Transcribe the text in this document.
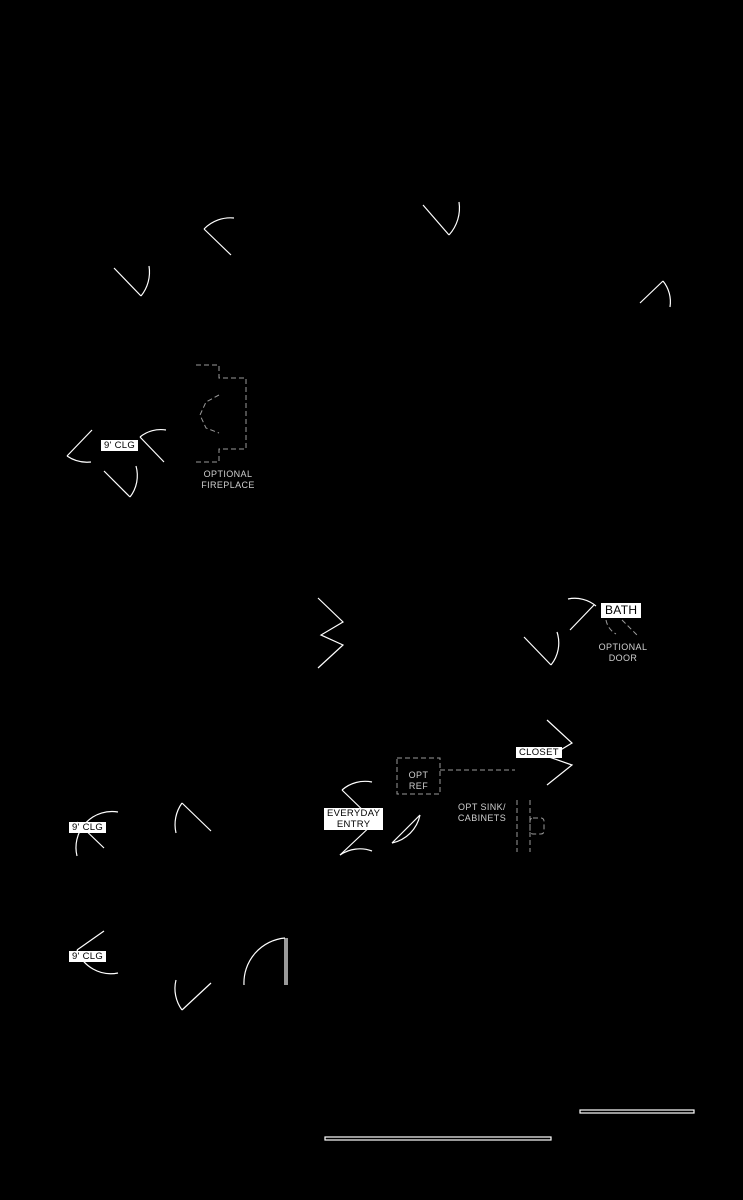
9' CLG
9' CLG
9' CLG
OPTIONAL
FIREPLACE
BATH
OPTIONAL
DOOR
CLOSET
OPT
REF
EVERYDAY
ENTRY
OPT SINK/
CABINETS
